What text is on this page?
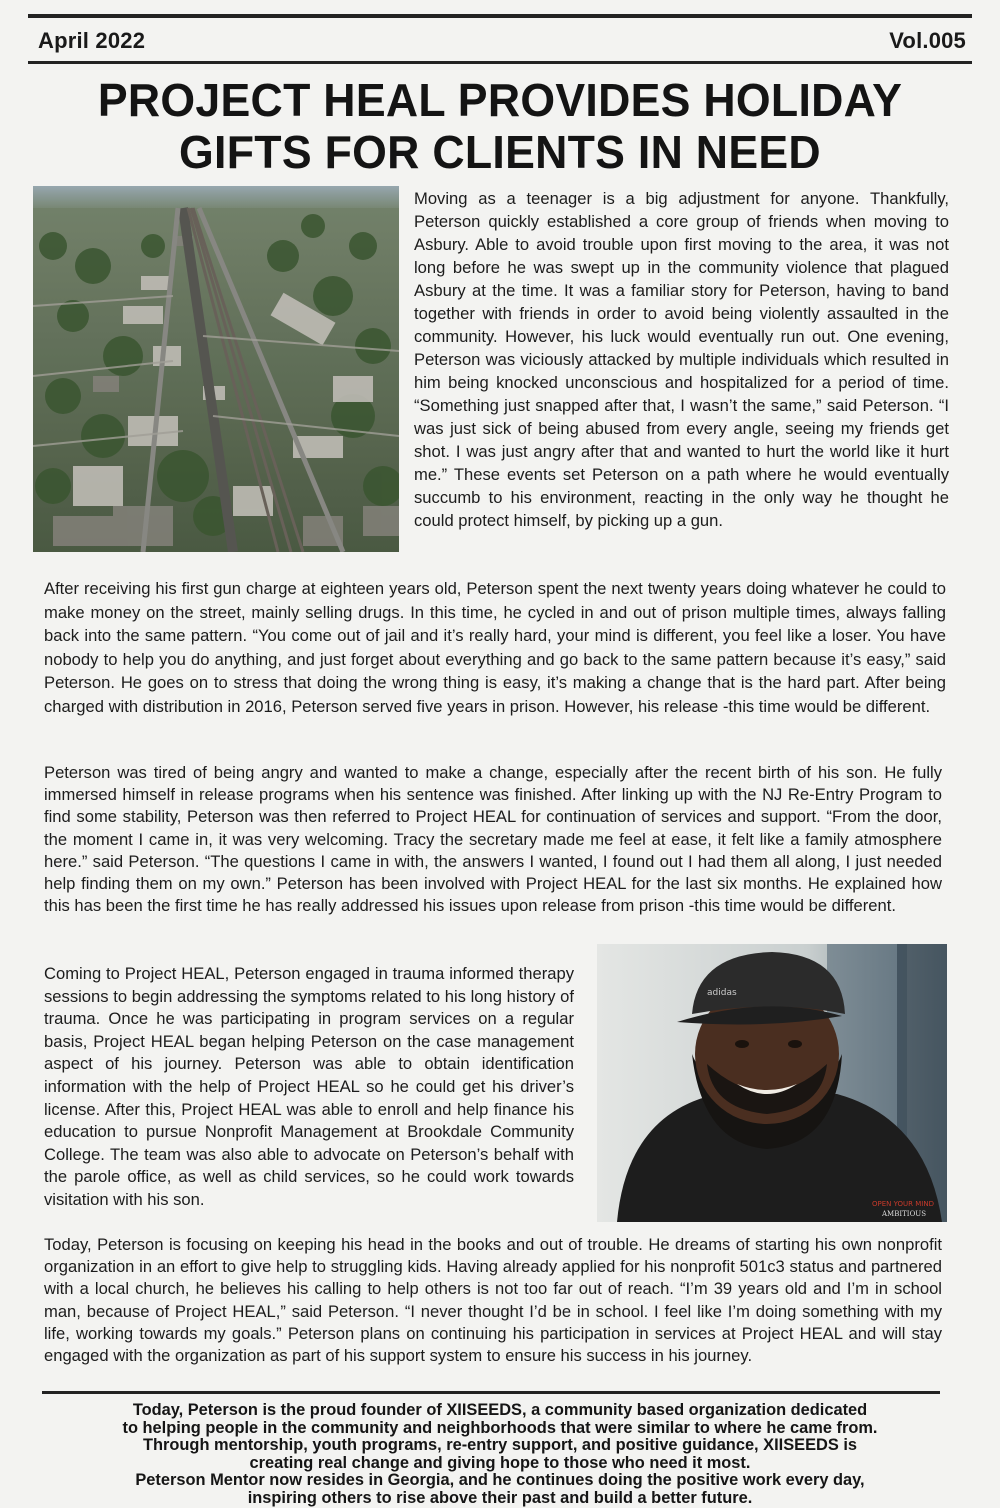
April 2022	Vol.005
PROJECT HEAL PROVIDES HOLIDAY GIFTS FOR CLIENTS IN NEED

Moving as a teenager is a big adjustment for anyone. Thankfully, Peterson quickly established a core group of friends when moving to Asbury. Able to avoid trouble upon first moving to the area, it was not long before he was swept up in the community violence that plagued Asbury at the time. It was a familiar story for Peterson, having to band together with friends in order to avoid being violently assaulted in the community. However, his luck would eventually run out. One evening, Peterson was viciously attacked by multiple individuals which resulted in him being knocked unconscious and hospitalized for a period of time. “Something just snapped after that, I wasn’t the same,” said Peterson. “I was just sick of being abused from every angle, seeing my friends get shot. I was just angry after that and wanted to hurt the world like it hurt me.” These events set Peterson on a path where he would eventually succumb to his environment, reacting in the only way he thought he could protect himself, by picking up a gun.

After receiving his first gun charge at eighteen years old, Peterson spent the next twenty years doing whatever he could to make money on the street, mainly selling drugs. In this time, he cycled in and out of prison multiple times, always falling back into the same pattern. “You come out of jail and it’s really hard, your mind is different, you feel like a loser. You have nobody to help you do anything, and just forget about everything and go back to the same pattern because it’s easy,” said Peterson. He goes on to stress that doing the wrong thing is easy, it’s making a change that is the hard part. After being charged with distribution in 2016, Peterson served five years in prison. However, his release -this time would be different.

Peterson was tired of being angry and wanted to make a change, especially after the recent birth of his son. He fully immersed himself in release programs when his sentence was finished. After linking up with the NJ Re-Entry Program to find some stability, Peterson was then referred to Project HEAL for continuation of services and support. “From the door, the moment I came in, it was very welcoming. Tracy the secretary made me feel at ease, it felt like a family atmosphere here.” said Peterson. “The questions I came in with, the answers I wanted, I found out I had them all along, I just needed help finding them on my own.” Peterson has been involved with Project HEAL for the last six months. He explained how this has been the first time he has really addressed his issues upon release from prison -this time would be different.

Coming to Project HEAL, Peterson engaged in trauma informed therapy sessions to begin addressing the symptoms related to his long history of trauma. Once he was participating in program services on a regular basis, Project HEAL began helping Peterson on the case management aspect of his journey. Peterson was able to obtain identification information with the help of Project HEAL so he could get his driver’s license. After this, Project HEAL was able to enroll and help finance his education to pursue Nonprofit Management at Brookdale Community College. The team was also able to advocate on Peterson’s behalf with the parole office, as well as child services, so he could work towards visitation with his son.

adidas
OPEN YOUR MIND
AMBITIOUS

Today, Peterson is focusing on keeping his head in the books and out of trouble. He dreams of starting his own nonprofit organization in an effort to give help to struggling kids. Having already applied for his nonprofit 501c3 status and partnered with a local church, he believes his calling to help others is not too far out of reach. “I’m 39 years old and I’m in school man, because of Project HEAL,” said Peterson. “I never thought I’d be in school. I feel like I’m doing something with my life, working towards my goals.” Peterson plans on continuing his participation in services at Project HEAL and will stay engaged with the organization as part of his support system to ensure his success in his journey.

Today, Peterson is the proud founder of XIISEEDS, a community based organization dedicated
to helping people in the community and neighborhoods that were similar to where he came from.
Through mentorship, youth programs, re-entry support, and positive guidance, XIISEEDS is
creating real change and giving hope to those who need it most.
Peterson Mentor now resides in Georgia, and he continues doing the positive work every day,
inspiring others to rise above their past and build a better future.
